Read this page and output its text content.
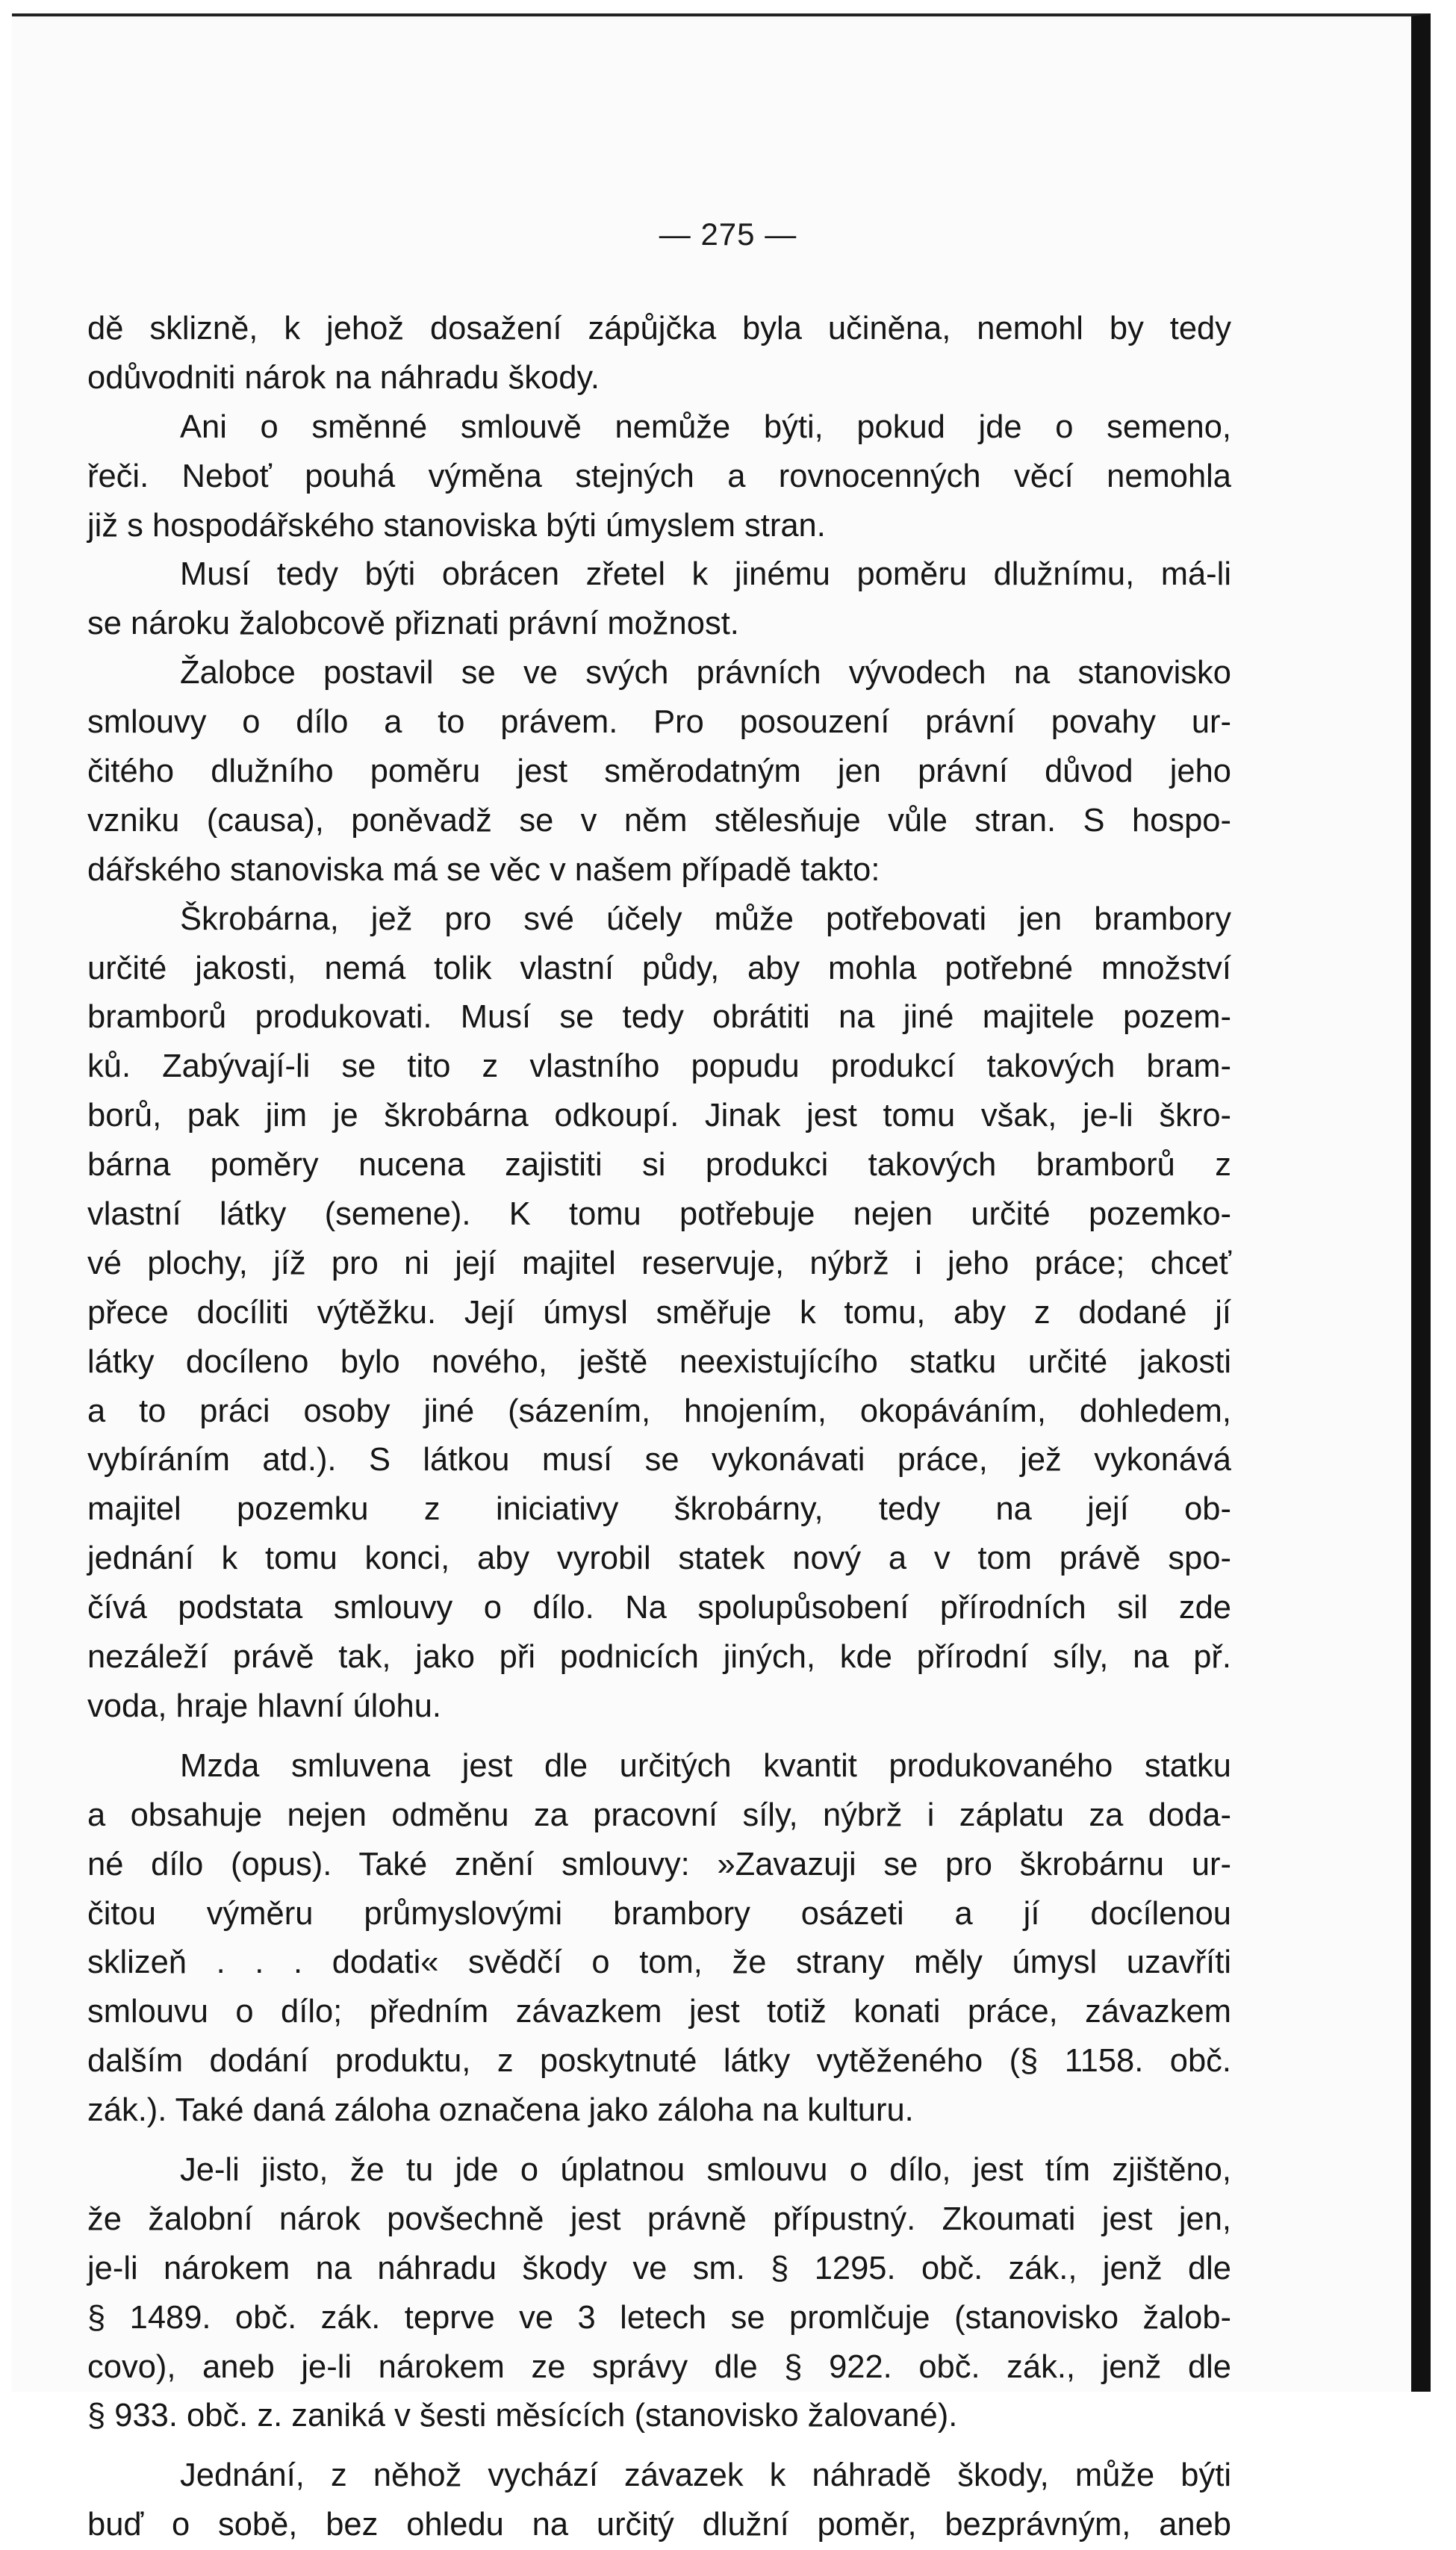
— 275 —
dě sklizně, k jehož dosažení zápůjčka byla učiněna, nemohl by tedy
odůvodniti nárok na náhradu škody.
Ani o směnné smlouvě nemůže býti, pokud jde o semeno,
řeči. Neboť pouhá výměna stejných a rovnocenných věcí nemohla
již s hospodářského stanoviska býti úmyslem stran.
Musí tedy býti obrácen zřetel k jinému poměru dlužnímu, má-li
se nároku žalobcově přiznati právní možnost.
Žalobce postavil se ve svých právních vývodech na stanovisko
smlouvy o dílo a to právem. Pro posouzení právní povahy ur-
čitého dlužního poměru jest směrodatným jen právní důvod jeho
vzniku (causa), poněvadž se v něm stělesňuje vůle stran. S hospo-
dářského stanoviska má se věc v našem případě takto:
Škrobárna, jež pro své účely může potřebovati jen brambory
určité jakosti, nemá tolik vlastní půdy, aby mohla potřebné množství
bramborů produkovati. Musí se tedy obrátiti na jiné majitele pozem-
ků. Zabývají-li se tito z vlastního popudu produkcí takových bram-
borů, pak jim je škrobárna odkoupí. Jinak jest tomu však, je-li škro-
bárna poměry nucena zajistiti si produkci takových bramborů z
vlastní látky (semene). K tomu potřebuje nejen určité pozemko-
vé plochy, jíž pro ni její majitel reservuje, nýbrž i jeho práce; chceť
přece docíliti výtěžku. Její úmysl směřuje k tomu, aby z dodané jí
látky docíleno bylo nového, ještě neexistujícího statku určité jakosti
a to práci osoby jiné (sázením, hnojením, okopáváním, dohledem,
vybíráním atd.). S látkou musí se vykonávati práce, jež vykonává
majitel pozemku z iniciativy škrobárny, tedy na její ob-
jednání k tomu konci, aby vyrobil statek nový a v tom právě spo-
čívá podstata smlouvy o dílo. Na spolupůsobení přírodních sil zde
nezáleží právě tak, jako při podnicích jiných, kde přírodní síly, na př.
voda, hraje hlavní úlohu.
Mzda smluvena jest dle určitých kvantit produkovaného statku
a obsahuje nejen odměnu za pracovní síly, nýbrž i záplatu za doda-
né dílo (opus). Také znění smlouvy: »Zavazuji se pro škrobárnu ur-
čitou výměru průmyslovými brambory osázeti a jí docílenou
sklizeň . . . dodati« svědčí o tom, že strany měly úmysl uzavříti
smlouvu o dílo; předním závazkem jest totiž konati práce, závazkem
dalším dodání produktu, z poskytnuté látky vytěženého (§ 1158. obč.
zák.). Také daná záloha označena jako záloha na kulturu.
Je-li jisto, že tu jde o úplatnou smlouvu o dílo, jest tím zjištěno,
že žalobní nárok povšechně jest právně přípustný. Zkoumati jest jen,
je-li nárokem na náhradu škody ve sm. § 1295. obč. zák., jenž dle
§ 1489. obč. zák. teprve ve 3 letech se promlčuje (stanovisko žalob-
covo), aneb je-li nárokem ze správy dle § 922. obč. zák., jenž dle
§ 933. obč. z. zaniká v šesti měsících (stanovisko žalované).
Jednání, z něhož vychází závazek k náhradě škody, může býti
buď o sobě, bez ohledu na určitý dlužní poměr, bezprávným, aneb
